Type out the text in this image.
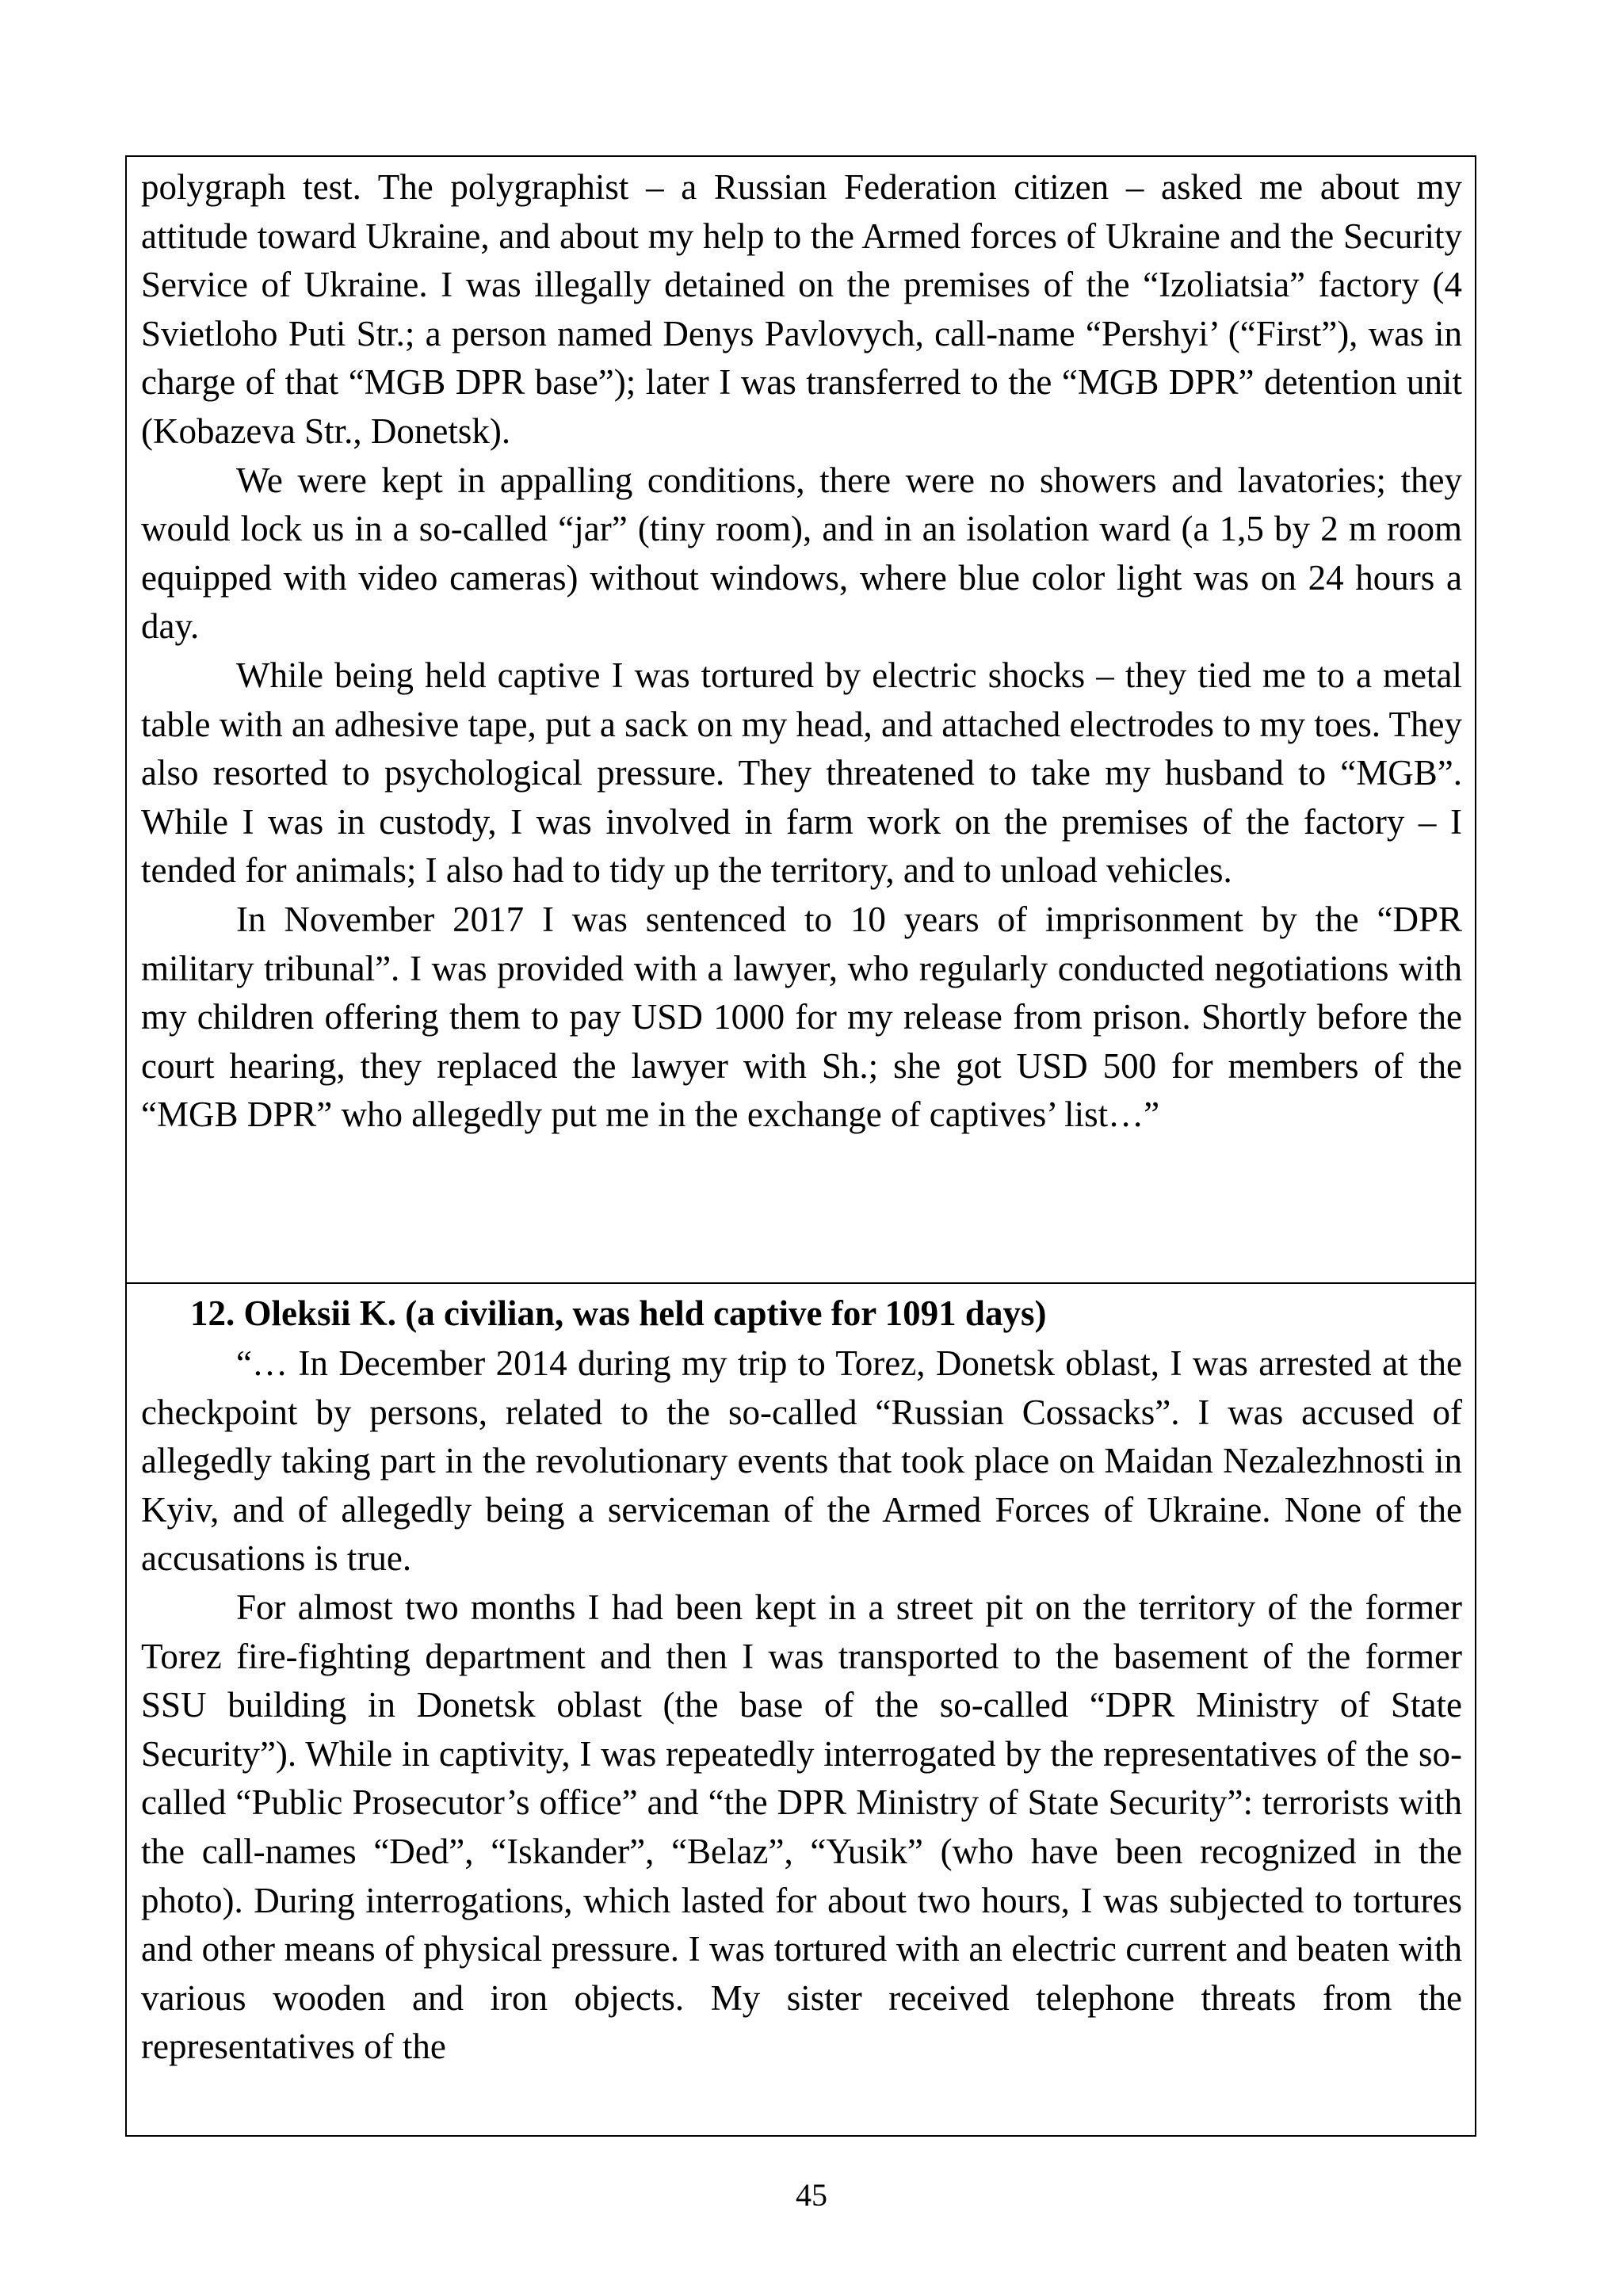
polygraph test. The polygraphist – a Russian Federation citizen – asked me about my attitude toward Ukraine, and about my help to the Armed forces of Ukraine and the Security Service of Ukraine. I was illegally detained on the premises of the “Izoliatsia” factory (4 Svietloho Puti Str.; a person named Denys Pavlovych, call-name “Pershyi’ (“First”), was in charge of that “MGB DPR base”); later I was transferred to the “MGB DPR” detention unit (Kobazeva Str., Donetsk).

We were kept in appalling conditions, there were no showers and lavatories; they would lock us in a so-called “jar” (tiny room), and in an isolation ward (a 1,5 by 2 m room equipped with video cameras) without windows, where blue color light was on 24 hours a day.

While being held captive I was tortured by electric shocks – they tied me to a metal table with an adhesive tape, put a sack on my head, and attached electrodes to my toes. They also resorted to psychological pressure. They threatened to take my husband to “MGB”. While I was in custody, I was involved in farm work on the premises of the factory – I tended for animals; I also had to tidy up the territory, and to unload vehicles.

In November 2017 I was sentenced to 10 years of imprisonment by the “DPR military tribunal”. I was provided with a lawyer, who regularly conducted negotiations with my children offering them to pay USD 1000 for my release from prison. Shortly before the court hearing, they replaced the lawyer with Sh.; she got USD 500 for members of the “MGB DPR” who allegedly put me in the exchange of captives’ list…”

12. Oleksii K. (a civilian, was held captive for 1091 days)

“… In December 2014 during my trip to Torez, Donetsk oblast, I was arrested at the checkpoint by persons, related to the so-called “Russian Cossacks”. I was accused of allegedly taking part in the revolutionary events that took place on Maidan Nezalezhnosti in Kyiv, and of allegedly being a serviceman of the Armed Forces of Ukraine. None of the accusations is true.

For almost two months I had been kept in a street pit on the territory of the former Torez fire-fighting department and then I was transported to the basement of the former SSU building in Donetsk oblast (the base of the so-called “DPR Ministry of State Security”). While in captivity, I was repeatedly interrogated by the representatives of the so-called “Public Prosecutor’s office” and “the DPR Ministry of State Security”: terrorists with the call-names “Ded”, “Iskander”, “Belaz”, “Yusik” (who have been recognized in the photo). During interrogations, which lasted for about two hours, I was subjected to tortures and other means of physical pressure. I was tortured with an electric current and beaten with various wooden and iron objects. My sister received telephone threats from the representatives of the

45
